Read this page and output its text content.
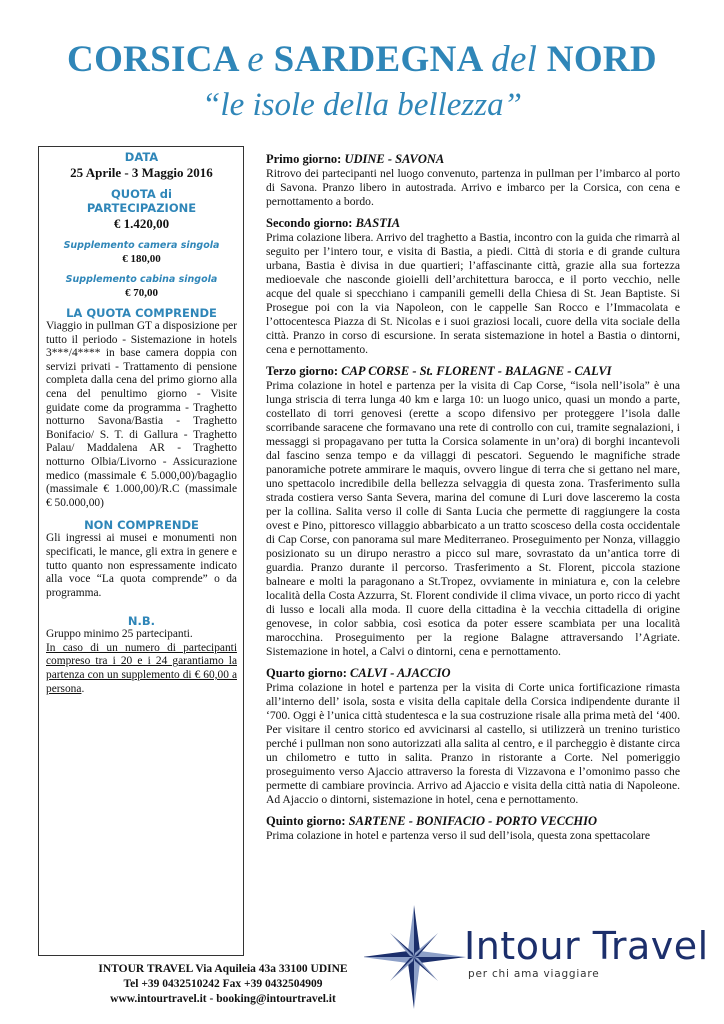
CORSICA e SARDEGNA del NORD
“le isole della bellezza”
DATA
25 Aprile - 3 Maggio 2016
QUOTA di
PARTECIPAZIONE
€ 1.420,00
Supplemento camera singola
€ 180,00
Supplemento cabina singola
€ 70,00
LA QUOTA COMPRENDE
Viaggio in pullman GT a disposizione per tutto il periodo - Sistemazione in hotels 3***/4**** in base camera doppia con servizi privati - Trattamento di pensione completa dalla cena del primo giorno alla cena del penultimo giorno - Visite guidate come da programma - Traghetto notturno Savona/Bastia - Traghetto Bonifacio/ S. T. di Gallura - Traghetto Palau/ Maddalena AR - Traghetto notturno Olbia/Livorno - Assicurazione medico (massimale € 5.000,00)/bagaglio (massimale € 1.000,00)/R.C (massimale € 50.000,00)
NON COMPRENDE
Gli ingressi ai musei e monumenti non specificati, le mance, gli extra in genere e tutto quanto non espressamente indicato alla voce “La quota comprende” o da programma.
N.B.
Gruppo minimo 25 partecipanti.
In caso di un numero di partecipanti compreso tra i 20 e i 24 garantiamo la partenza con un supplemento di € 60,00 a persona.
Primo giorno: UDINE - SAVONA
Ritrovo dei partecipanti nel luogo convenuto, partenza in pullman per l’imbarco al porto di Savona. Pranzo libero in autostrada. Arrivo e imbarco per la Corsica, con cena e pernottamento a bordo.
Secondo giorno: BASTIA
Prima colazione libera. Arrivo del traghetto a Bastia, incontro con la guida che rimarrà al seguito per l’intero tour, e visita di Bastia, a piedi. Città di storia e di grande cultura urbana, Bastia è divisa in due quartieri; l’affascinante città, grazie alla sua fortezza medioevale che nasconde gioielli dell’architettura barocca, e il porto vecchio, nelle acque del quale si specchiano i campanili gemelli della Chiesa di St. Jean Baptiste. Si Prosegue poi con la via Napoleon, con le cappelle San Rocco e l’Immacolata e l’ottocentesca Piazza di St. Nicolas e i suoi graziosi locali, cuore della vita sociale della città. Pranzo in corso di escursione. In serata sistemazione in hotel a Bastia o dintorni, cena e pernottamento.
Terzo giorno: CAP CORSE - St. FLORENT - BALAGNE - CALVI
Prima colazione in hotel e partenza per la visita di Cap Corse, “isola nell’isola” è una lunga striscia di terra lunga 40 km e larga 10: un luogo unico, quasi un mondo a parte, costellato di torri genovesi (erette a scopo difensivo per proteggere l’isola dalle scorribande saracene che formavano una rete di controllo con cui, tramite segnalazioni, i messaggi si propagavano per tutta la Corsica solamente in un’ora) di borghi incantevoli dal fascino senza tempo e da villaggi di pescatori. Seguendo le magnifiche strade panoramiche potrete ammirare le maquis, ovvero lingue di terra che si gettano nel mare, uno spettacolo incredibile della bellezza selvaggia di questa zona. Trasferimento sulla strada costiera verso Santa Severa, marina del comune di Luri dove lasceremo la costa per la collina. Salita verso il colle di Santa Lucia che permette di raggiungere la costa ovest e Pino, pittoresco villaggio abbarbicato a un tratto scosceso della costa occidentale di Cap Corse, con panorama sul mare Mediterraneo. Proseguimento per Nonza, villaggio posizionato su un dirupo nerastro a picco sul mare, sovrastato da un’antica torre di guardia. Pranzo durante il percorso. Trasferimento a St. Florent, piccola stazione balneare e molti la paragonano a St.Tropez, ovviamente in miniatura e, con la celebre località della Costa Azzurra, St. Florent condivide il clima vivace, un porto ricco di yacht di lusso e locali alla moda. Il cuore della cittadina è la vecchia cittadella di origine genovese, in color sabbia, così esotica da poter essere scambiata per una località marocchina. Proseguimento per la regione Balagne attraversando l’Agriate. Sistemazione in hotel, a Calvi o dintorni, cena e pernottamento.
Quarto giorno: CALVI - AJACCIO
Prima colazione in hotel e partenza per la visita di Corte unica fortificazione rimasta all’interno dell’ isola, sosta e visita della capitale della Corsica indipendente durante il ‘700. Oggi è l’unica città studentesca e la sua costruzione risale alla prima metà del ‘400. Per visitare il centro storico ed avvicinarsi al castello, si utilizzerà un trenino turistico perché i pullman non sono autorizzati alla salita al centro, e il parcheggio è distante circa un chilometro e tutto in salita. Pranzo in ristorante a Corte. Nel pomeriggio proseguimento verso Ajaccio attraverso la foresta di Vizzavona e l’omonimo passo che permette di cambiare provincia. Arrivo ad Ajaccio e visita della città natia di Napoleone. Ad Ajaccio o dintorni, sistemazione in hotel, cena e pernottamento.
Quinto giorno: SARTENE - BONIFACIO - PORTO VECCHIO
Prima colazione in hotel e partenza verso il sud dell’isola, questa zona spettacolare
INTOUR TRAVEL Via Aquileia 43a 33100 UDINE
Tel +39 0432510242 Fax +39 0432504909
www.intourtravel.it - booking@intourtravel.it
Intour Travel
per chi ama viaggiare
